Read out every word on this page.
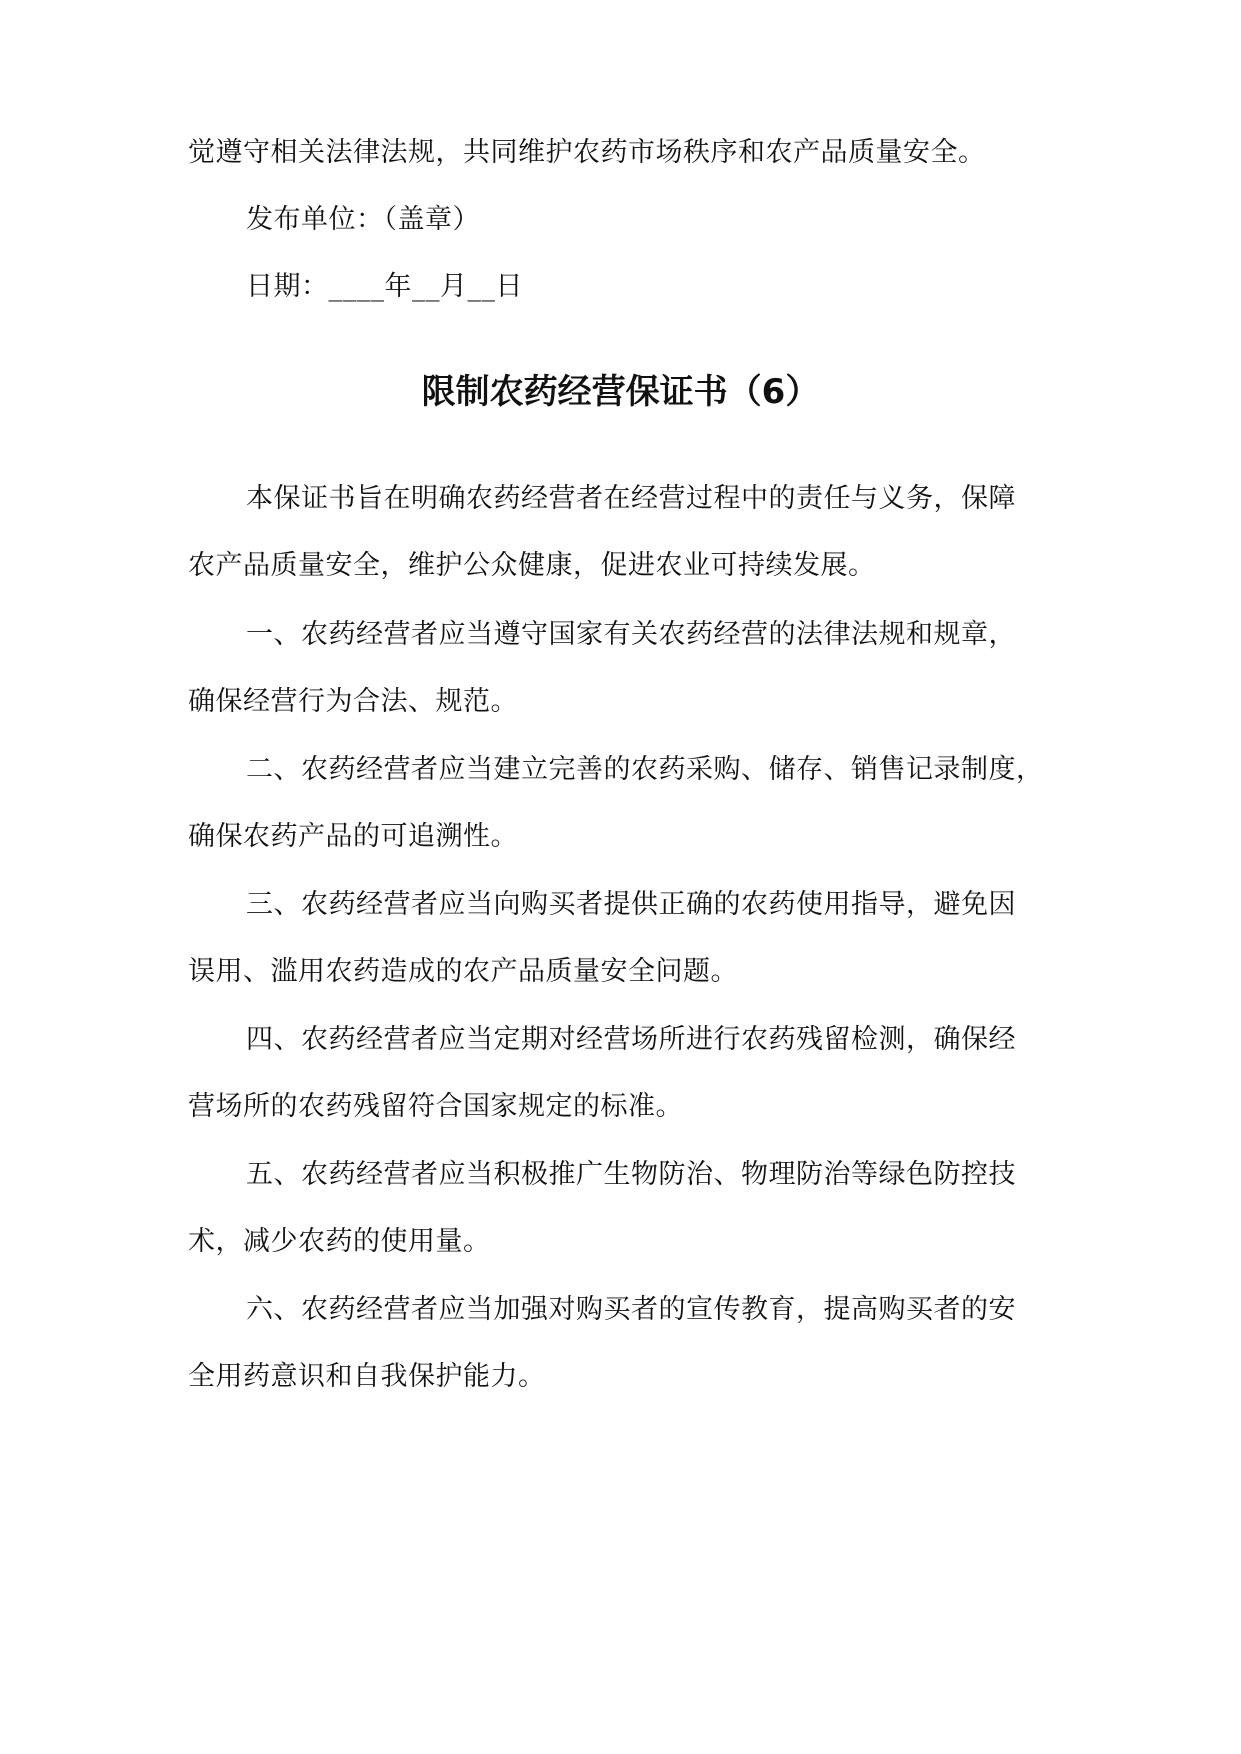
觉遵守相关法律法规，共同维护农药市场秩序和农产品质量安全。
发布单位：（盖章）
日期：____年__月__日
限制农药经营保证书（6）
本保证书旨在明确农药经营者在经营过程中的责任与义务，保障
农产品质量安全，维护公众健康，促进农业可持续发展。
一、农药经营者应当遵守国家有关农药经营的法律法规和规章，
确保经营行为合法、规范。
二、农药经营者应当建立完善的农药采购、储存、销售记录制度，
确保农药产品的可追溯性。
三、农药经营者应当向购买者提供正确的农药使用指导，避免因
误用、滥用农药造成的农产品质量安全问题。
四、农药经营者应当定期对经营场所进行农药残留检测，确保经
营场所的农药残留符合国家规定的标准。
五、农药经营者应当积极推广生物防治、物理防治等绿色防控技
术，减少农药的使用量。
六、农药经营者应当加强对购买者的宣传教育，提高购买者的安
全用药意识和自我保护能力。
